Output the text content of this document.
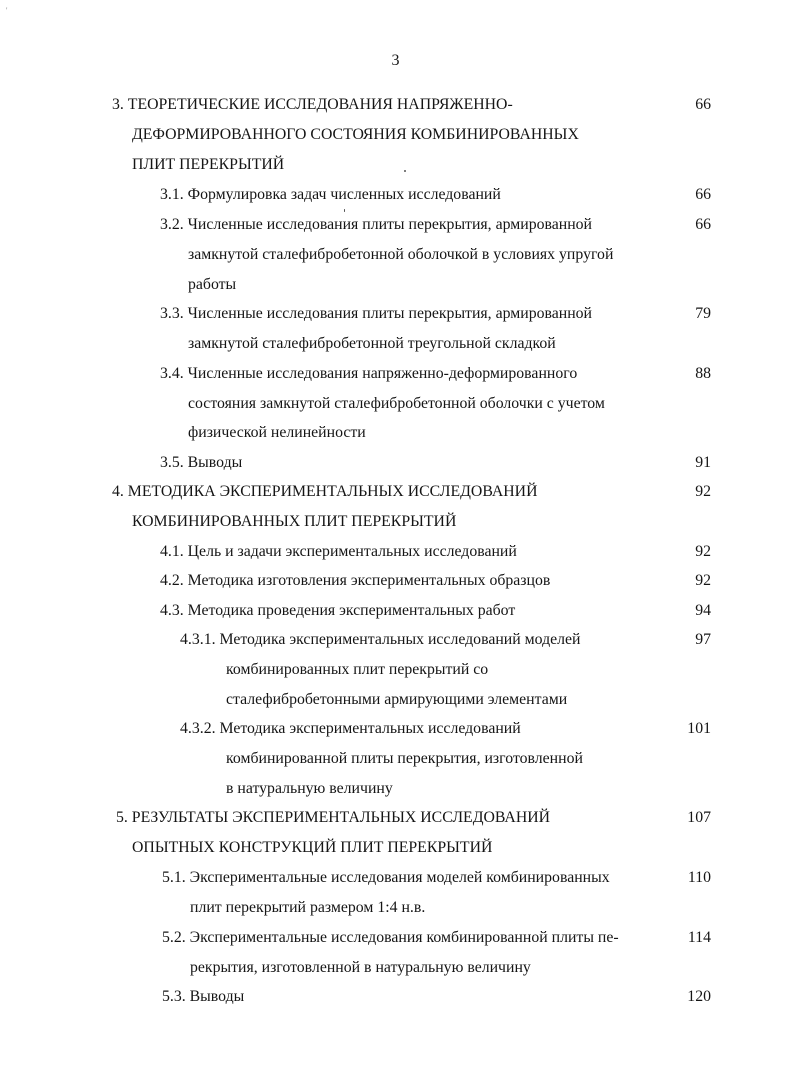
'
3
3. ТЕОРЕТИЧЕСКИЕ ИССЛЕДОВАНИЯ НАПРЯЖЕННО-
ДЕФОРМИРОВАННОГО СОСТОЯНИЯ КОМБИНИРОВАННЫХ
ПЛИТ ПЕРЕКРЫТИЙ
66
3.1. Формулировка задач численных исследований	66
3.2. Численные исследования плиты перекрытия, армированной
замкнутой сталефибробетонной оболочкой в условиях упругой
работы
66
3.3. Численные исследования плиты перекрытия, армированной
замкнутой сталефибробетонной треугольной складкой
79
3.4. Численные исследования напряженно-деформированного
состояния замкнутой сталефибробетонной оболочки с учетом
физической нелинейности
88
3.5. Выводы	91
4. МЕТОДИКА ЭКСПЕРИМЕНТАЛЬНЫХ ИССЛЕДОВАНИЙ
КОМБИНИРОВАННЫХ ПЛИТ ПЕРЕКРЫТИЙ
92
4.1. Цель и задачи экспериментальных исследований	92
4.2. Методика изготовления экспериментальных образцов	92
4.3. Методика проведения экспериментальных работ	94
4.3.1. Методика экспериментальных исследований моделей
комбинированных плит перекрытий со
сталефибробетонными армирующими элементами
97
4.3.2. Методика экспериментальных исследований
комбинированной плиты перекрытия, изготовленной
в натуральную величину
101
5. РЕЗУЛЬТАТЫ ЭКСПЕРИМЕНТАЛЬНЫХ ИССЛЕДОВАНИЙ
ОПЫТНЫХ КОНСТРУКЦИЙ ПЛИТ ПЕРЕКРЫТИЙ
107
5.1. Экспериментальные исследования моделей комбинированных
плит перекрытий размером 1:4 н.в.
110
5.2. Экспериментальные исследования комбинированной плиты пе-
рекрытия, изготовленной в натуральную величину
114
5.3. Выводы	120
